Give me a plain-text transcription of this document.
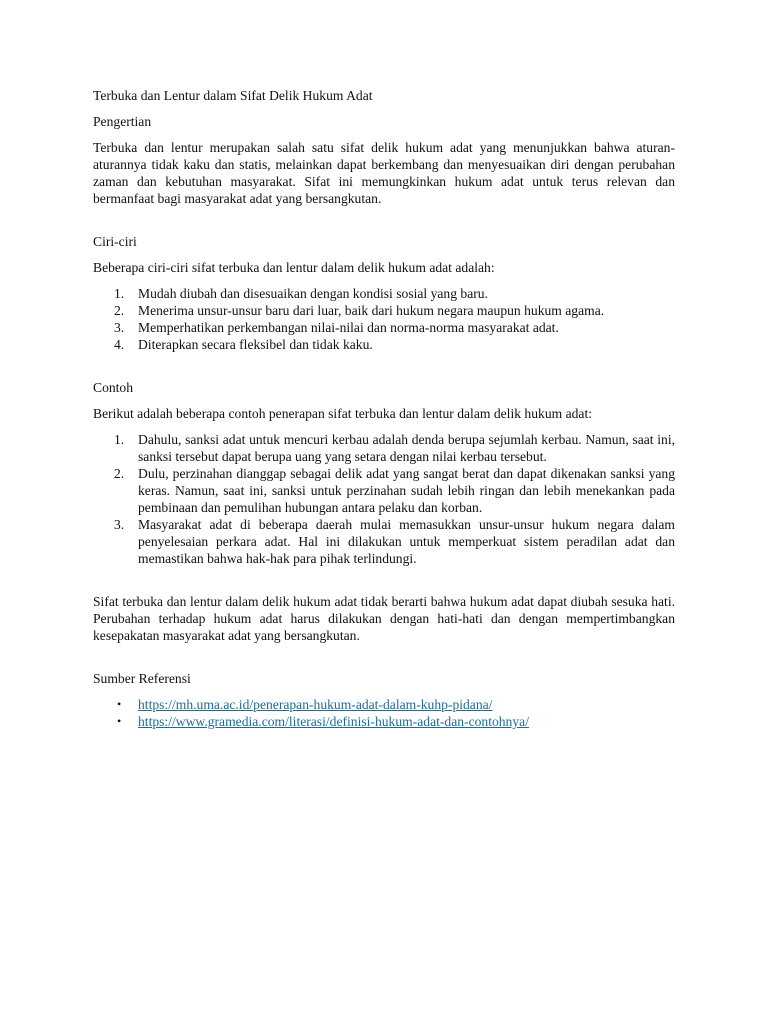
Terbuka dan Lentur dalam Sifat Delik Hukum Adat

Pengertian

Terbuka dan lentur merupakan salah satu sifat delik hukum adat yang menunjukkan bahwa aturan-aturannya tidak kaku dan statis, melainkan dapat berkembang dan menyesuaikan diri dengan perubahan zaman dan kebutuhan masyarakat. Sifat ini memungkinkan hukum adat untuk terus relevan dan bermanfaat bagi masyarakat adat yang bersangkutan.

Ciri-ciri

Beberapa ciri-ciri sifat terbuka dan lentur dalam delik hukum adat adalah:

1. Mudah diubah dan disesuaikan dengan kondisi sosial yang baru.
2. Menerima unsur-unsur baru dari luar, baik dari hukum negara maupun hukum agama.
3. Memperhatikan perkembangan nilai-nilai dan norma-norma masyarakat adat.
4. Diterapkan secara fleksibel dan tidak kaku.

Contoh

Berikut adalah beberapa contoh penerapan sifat terbuka dan lentur dalam delik hukum adat:

1. Dahulu, sanksi adat untuk mencuri kerbau adalah denda berupa sejumlah kerbau. Namun, saat ini, sanksi tersebut dapat berupa uang yang setara dengan nilai kerbau tersebut.
2. Dulu, perzinahan dianggap sebagai delik adat yang sangat berat dan dapat dikenakan sanksi yang keras. Namun, saat ini, sanksi untuk perzinahan sudah lebih ringan dan lebih menekankan pada pembinaan dan pemulihan hubungan antara pelaku dan korban.
3. Masyarakat adat di beberapa daerah mulai memasukkan unsur-unsur hukum negara dalam penyelesaian perkara adat. Hal ini dilakukan untuk memperkuat sistem peradilan adat dan memastikan bahwa hak-hak para pihak terlindungi.

Sifat terbuka dan lentur dalam delik hukum adat tidak berarti bahwa hukum adat dapat diubah sesuka hati. Perubahan terhadap hukum adat harus dilakukan dengan hati-hati dan dengan mempertimbangkan kesepakatan masyarakat adat yang bersangkutan.

Sumber Referensi

• https://mh.uma.ac.id/penerapan-hukum-adat-dalam-kuhp-pidana/
• https://www.gramedia.com/literasi/definisi-hukum-adat-dan-contohnya/
